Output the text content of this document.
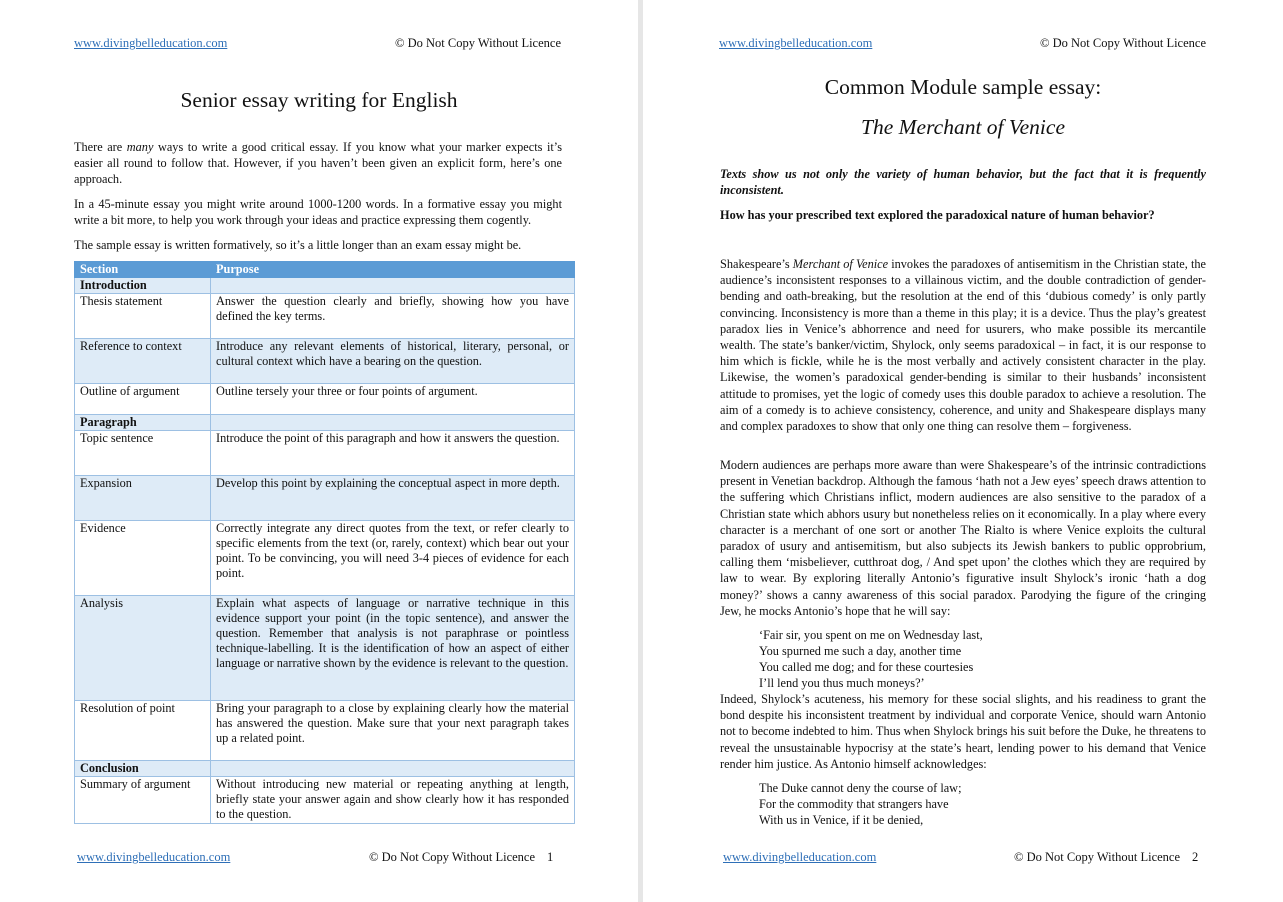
www.divingbelleducation.com	© Do Not Copy Without Licence
Senior essay writing for English
There are many ways to write a good critical essay. If you know what your marker expects it’s easier all round to follow that. However, if you haven’t been given an explicit form, here’s one approach.
In a 45-minute essay you might write around 1000-1200 words. In a formative essay you might write a bit more, to help you work through your ideas and practice expressing them cogently.
The sample essay is written formatively, so it’s a little longer than an exam essay might be.
Section	Purpose
Introduction	
Thesis statement	Answer the question clearly and briefly, showing how you have defined the key terms.
Reference to context	Introduce any relevant elements of historical, literary, personal, or cultural context which have a bearing on the question.
Outline of argument	Outline tersely your three or four points of argument.
Paragraph	
Topic sentence	Introduce the point of this paragraph and how it answers the question.
Expansion	Develop this point by explaining the conceptual aspect in more depth.
Evidence	Correctly integrate any direct quotes from the text, or refer clearly to specific elements from the text (or, rarely, context) which bear out your point. To be convincing, you will need 3-4 pieces of evidence for each point.
Analysis	Explain what aspects of language or narrative technique in this evidence support your point (in the topic sentence), and answer the question. Remember that analysis is not paraphrase or pointless technique-labelling. It is the identification of how an aspect of either language or narrative shown by the evidence is relevant to the question.
Resolution of point	Bring your paragraph to a close by explaining clearly how the material has answered the question. Make sure that your next paragraph takes up a related point.
Conclusion	
Summary of argument	Without introducing new material or repeating anything at length, briefly state your answer again and show clearly how it has responded to the question.
www.divingbelleducation.com	© Do Not Copy Without Licence 1
www.divingbelleducation.com	© Do Not Copy Without Licence
Common Module sample essay:
The Merchant of Venice
Texts show us not only the variety of human behavior, but the fact that it is frequently inconsistent.
How has your prescribed text explored the paradoxical nature of human behavior?
Shakespeare’s Merchant of Venice invokes the paradoxes of antisemitism in the Christian state, the audience’s inconsistent responses to a villainous victim, and the double contradiction of gender-bending and oath-breaking, but the resolution at the end of this ‘dubious comedy’ is only partly convincing. Inconsistency is more than a theme in this play; it is a device. Thus the play’s greatest paradox lies in Venice’s abhorrence and need for usurers, who make possible its mercantile wealth. The state’s banker/victim, Shylock, only seems paradoxical – in fact, it is our response to him which is fickle, while he is the most verbally and actively consistent character in the play. Likewise, the women’s paradoxical gender-bending is similar to their husbands’ inconsistent attitude to promises, yet the logic of comedy uses this double paradox to achieve a resolution. The aim of a comedy is to achieve consistency, coherence, and unity and Shakespeare displays many and complex paradoxes to show that only one thing can resolve them – forgiveness.
Modern audiences are perhaps more aware than were Shakespeare’s of the intrinsic contradictions present in Venetian backdrop. Although the famous ‘hath not a Jew eyes’ speech draws attention to the suffering which Christians inflict, modern audiences are also sensitive to the paradox of a Christian state which abhors usury but nonetheless relies on it economically. In a play where every character is a merchant of one sort or another The Rialto is where Venice exploits the cultural paradox of usury and antisemitism, but also subjects its Jewish bankers to public opprobrium, calling them ‘misbeliever, cutthroat dog, / And spet upon’ the clothes which they are required by law to wear. By exploring literally Antonio’s figurative insult Shylock’s ironic ‘hath a dog money?’ shows a canny awareness of this social paradox. Parodying the figure of the cringing Jew, he mocks Antonio’s hope that he will say:
‘Fair sir, you spent on me on Wednesday last,
You spurned me such a day, another time
You called me dog; and for these courtesies
I’ll lend you thus much moneys?’
Indeed, Shylock’s acuteness, his memory for these social slights, and his readiness to grant the bond despite his inconsistent treatment by individual and corporate Venice, should warn Antonio not to become indebted to him. Thus when Shylock brings his suit before the Duke, he threatens to reveal the unsustainable hypocrisy at the state’s heart, lending power to his demand that Venice render him justice. As Antonio himself acknowledges:
The Duke cannot deny the course of law;
For the commodity that strangers have
With us in Venice, if it be denied,
www.divingbelleducation.com	© Do Not Copy Without Licence 2
